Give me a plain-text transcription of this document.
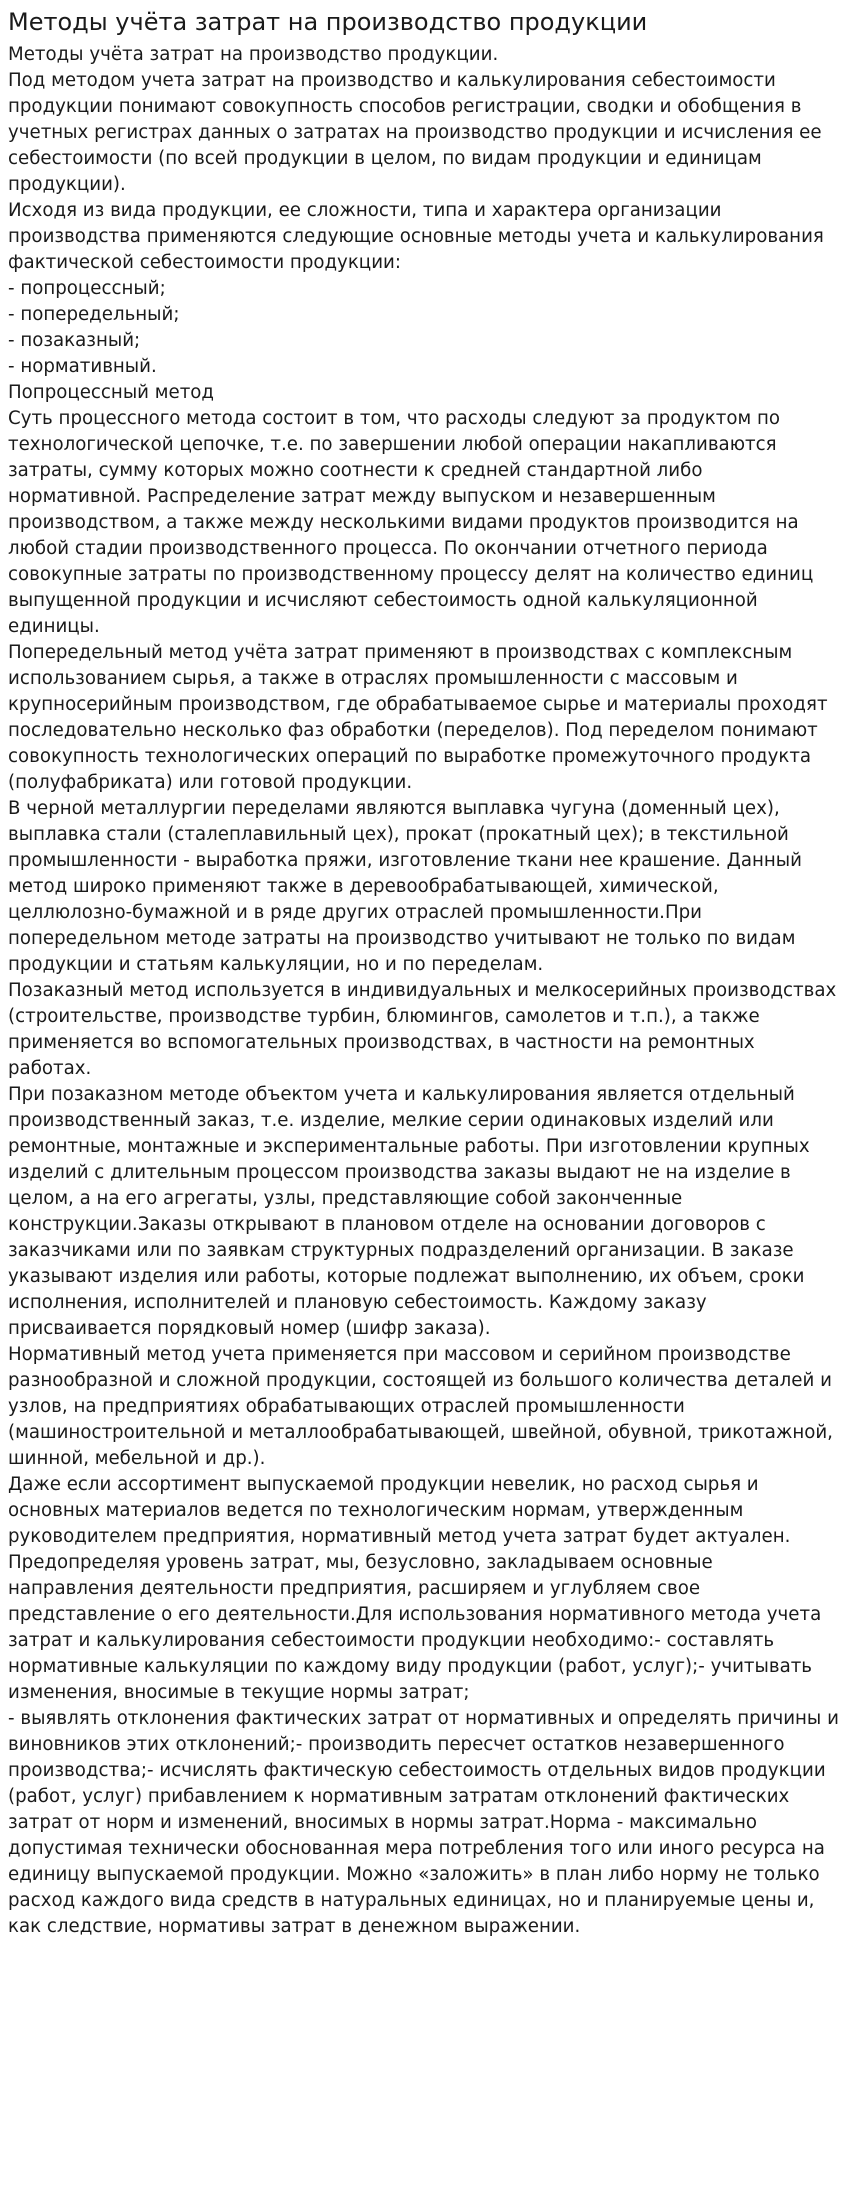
Методы учёта затрат на производство продукции

Методы учёта затрат на производство продукции.

Под методом учета затрат на производство и калькулирования себестоимости продукции понимают совокупность способов регистрации, сводки и обобщения в учетных регистрах данных о затратах на производство продукции и исчисления ее себестоимости (по всей продукции в целом, по видам продукции и единицам продукции).

Исходя из вида продукции, ее сложности, типа и характера организации производства применяются следующие основные методы учета и калькулирования фактической себестоимости продукции:

- попроцессный;

- попередельный;

- позаказный;

- нормативный.

Попроцессный метод

Суть процессного метода состоит в том, что расходы следуют за продуктом по технологической цепочке, т.е. по завершении любой операции накапливаются затраты, сумму которых можно соотнести к средней стандартной либо нормативной. Распределение затрат между выпуском и незавершенным производством, а также между несколькими видами продуктов производится на любой стадии производственного процесса. По окончании отчетного периода совокупные затраты по производственному процессу делят на количество единиц выпущенной продукции и исчисляют себестоимость одной калькуляционной единицы.

Попередельный метод учёта затрат применяют в производствах с комплексным использованием сырья, а также в отраслях промышленности с массовым и крупносерийным производством, где обрабатываемое сырье и материалы проходят последовательно несколько фаз обработки (переделов). Под переделом понимают совокупность технологических операций по выработке промежуточного продукта (полуфабриката) или готовой продукции.

В черной металлургии переделами являются выплавка чугуна (доменный цех), выплавка стали (сталеплавильный цех), прокат (прокатный цех); в текстильной промышленности - выработка пряжи, изготовление ткани нее крашение. Данный метод широко применяют также в деревообрабатывающей, химической, целлюлозно-бумажной и в ряде других отраслей промышленности.При попередельном методе затраты на производство учитывают не только по видам продукции и статьям калькуляции, но и по переделам.

Позаказный метод используется в индивидуальных и мелкосерийных производствах (строительстве, производстве турбин, блюмингов, самолетов и т.п.), а также применяется во вспомогательных производствах, в частности на ремонтных работах.

При позаказном методе объектом учета и калькулирования является отдельный производственный заказ, т.е. изделие, мелкие серии одинаковых изделий или ремонтные, монтажные и экспериментальные работы. При изготовлении крупных изделий с длительным процессом производства заказы выдают не на изделие в целом, а на его агрегаты, узлы, представляющие собой законченные конструкции.Заказы открывают в плановом отделе на основании договоров с заказчиками или по заявкам структурных подразделений организации. В заказе указывают изделия или работы, которые подлежат выполнению, их объем, сроки исполнения, исполнителей и плановую себестоимость. Каждому заказу присваивается порядковый номер (шифр заказа).

Нормативный метод учета применяется при массовом и серийном производстве разнообразной и сложной продукции, состоящей из большого количества деталей и узлов, на предприятиях обрабатывающих отраслей промышленности (машиностроительной и металлообрабатывающей, швейной, обувной, трикотажной, шинной, мебельной и др.).

Даже если ассортимент выпускаемой продукции невелик, но расход сырья и основных материалов ведется по технологическим нормам, утвержденным руководителем предприятия, нормативный метод учета затрат будет актуален. Предопределяя уровень затрат, мы, безусловно, закладываем основные направления деятельности предприятия, расширяем и углубляем свое представление о его деятельности.Для использования нормативного метода учета затрат и калькулирования себестоимости продукции необходимо:- составлять нормативные калькуляции по каждому виду продукции (работ, услуг);- учитывать изменения, вносимые в текущие нормы затрат;

- выявлять отклонения фактических затрат от нормативных и определять причины и виновников этих отклонений;- производить пересчет остатков незавершенного производства;- исчислять фактическую себестоимость отдельных видов продукции (работ, услуг) прибавлением к нормативным затратам отклонений фактических затрат от норм и изменений, вносимых в нормы затрат.Норма - максимально допустимая технически обоснованная мера потребления того или иного ресурса на единицу выпускаемой продукции. Можно «заложить» в план либо норму не только расход каждого вида средств в натуральных единицах, но и планируемые цены и, как следствие, нормативы затрат в денежном выражении.
